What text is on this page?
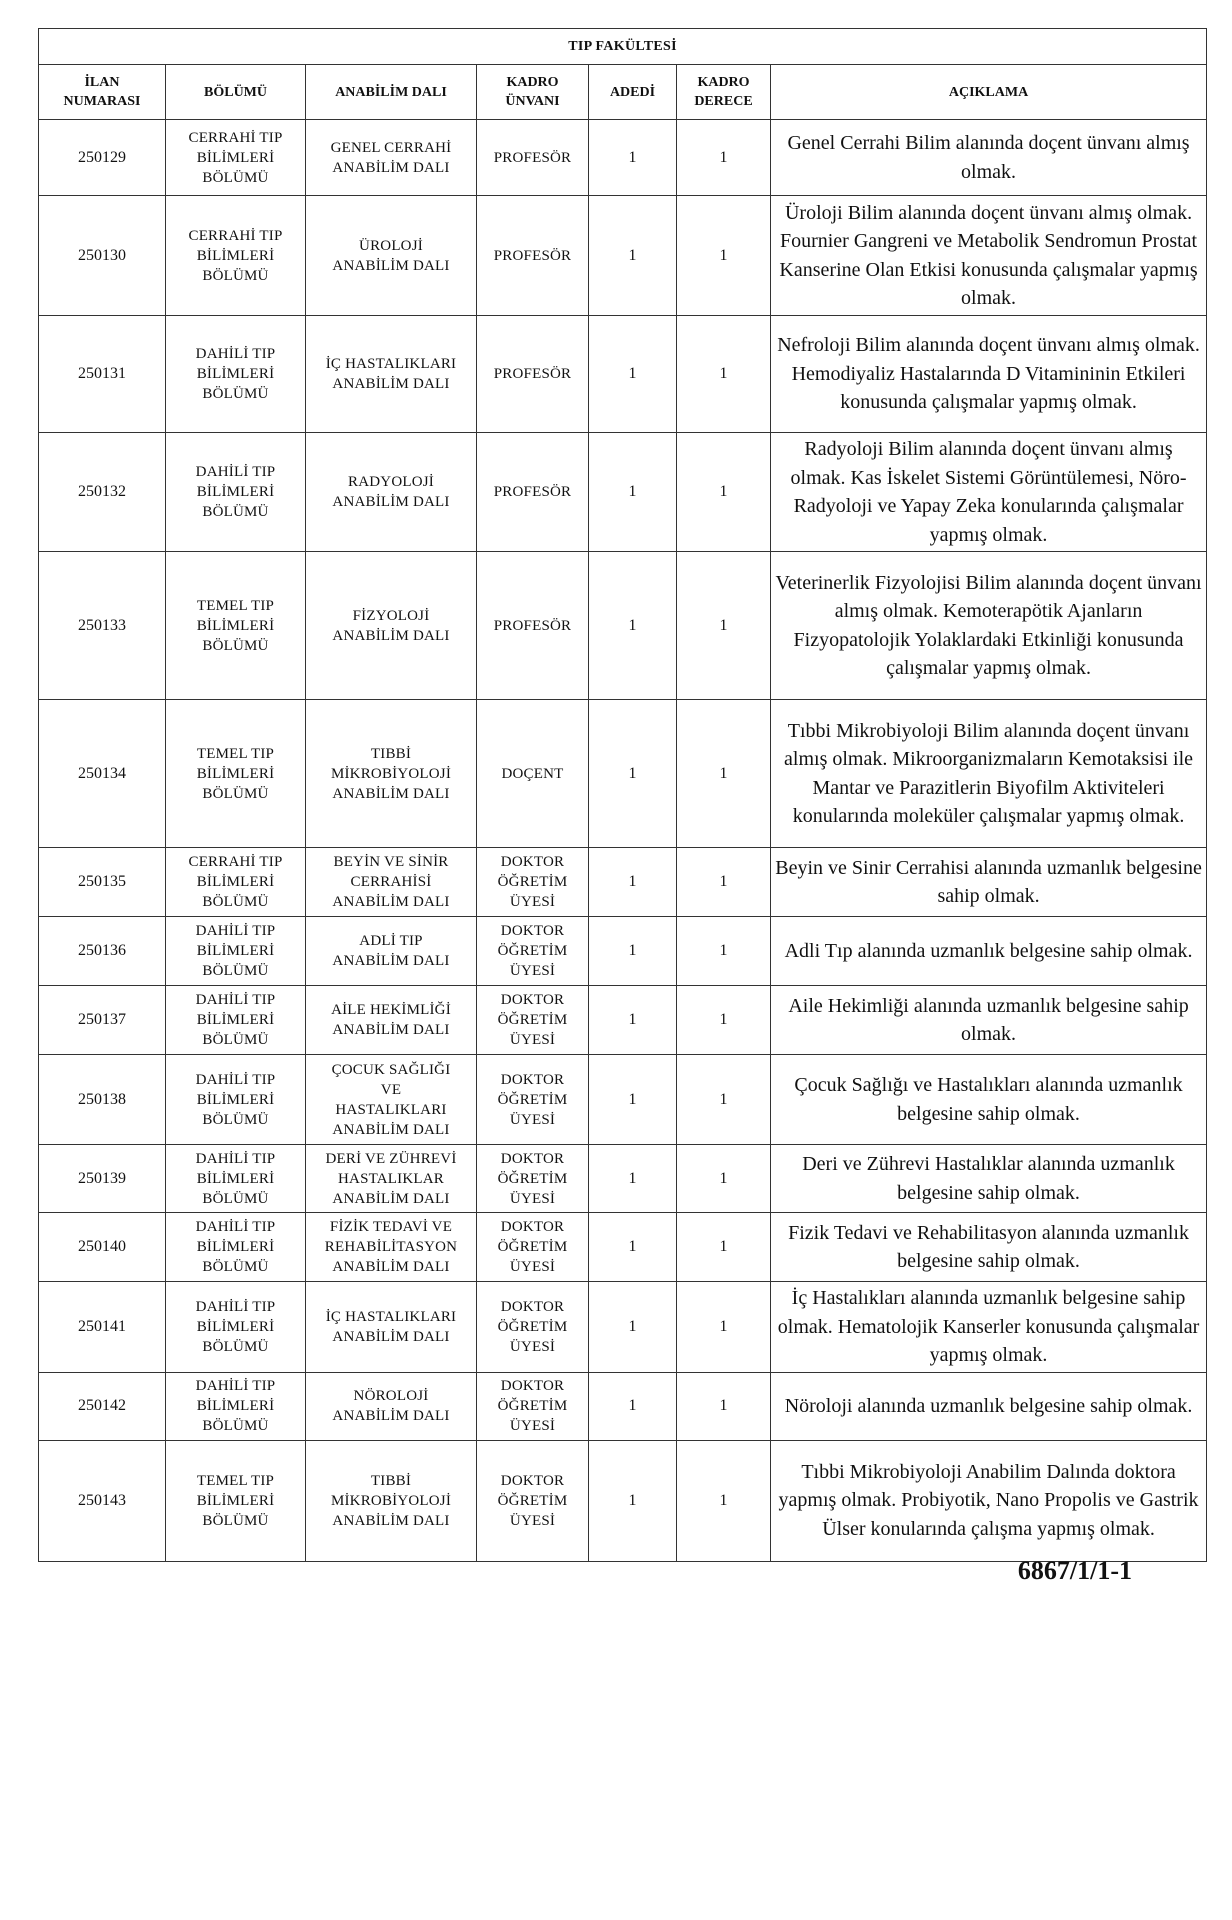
TIP FAKÜLTESİ						
İLAN
NUMARASI	BÖLÜMÜ	ANABİLİM DALI	KADRO
ÜNVANI	ADEDİ	KADRO
DERECE	AÇIKLAMA
250129	CERRAHİ TIP
BİLİMLERİ
BÖLÜMÜ	GENEL CERRAHİ
ANABİLİM DALI	PROFESÖR	1	1	Genel Cerrahi Bilim alanında doçent ünvanı almış olmak.
250130	CERRAHİ TIP
BİLİMLERİ
BÖLÜMÜ	ÜROLOJİ
ANABİLİM DALI	PROFESÖR	1	1	Üroloji Bilim alanında doçent ünvanı almış olmak. Fournier Gangreni ve Metabolik Sendromun Prostat Kanserine Olan Etkisi konusunda çalışmalar yapmış olmak.
250131	DAHİLİ TIP
BİLİMLERİ
BÖLÜMÜ	İÇ HASTALIKLARI
ANABİLİM DALI	PROFESÖR	1	1	Nefroloji Bilim alanında doçent ünvanı almış olmak. Hemodiyaliz Hastalarında D Vitamininin Etkileri konusunda çalışmalar yapmış olmak.
250132	DAHİLİ TIP
BİLİMLERİ
BÖLÜMÜ	RADYOLOJİ
ANABİLİM DALI	PROFESÖR	1	1	Radyoloji Bilim alanında doçent ünvanı almış olmak. Kas İskelet Sistemi Görüntülemesi, Nöro-Radyoloji ve Yapay Zeka konularında çalışmalar yapmış olmak.
250133	TEMEL TIP
BİLİMLERİ
BÖLÜMÜ	FİZYOLOJİ
ANABİLİM DALI	PROFESÖR	1	1	Veterinerlik Fizyolojisi Bilim alanında doçent ünvanı almış olmak. Kemoterapötik Ajanların Fizyopatolojik Yolaklardaki Etkinliği konusunda çalışmalar yapmış olmak.
250134	TEMEL TIP
BİLİMLERİ
BÖLÜMÜ	TIBBİ
MİKROBİYOLOJİ
ANABİLİM DALI	DOÇENT	1	1	Tıbbi Mikrobiyoloji Bilim alanında doçent ünvanı almış olmak. Mikroorganizmaların Kemotaksisi ile Mantar ve Parazitlerin Biyofilm Aktiviteleri konularında moleküler çalışmalar yapmış olmak.
250135	CERRAHİ TIP
BİLİMLERİ
BÖLÜMÜ	BEYİN VE SİNİR
CERRAHİSİ
ANABİLİM DALI	DOKTOR
ÖĞRETİM
ÜYESİ	1	1	Beyin ve Sinir Cerrahisi alanında uzmanlık belgesine sahip olmak.
250136	DAHİLİ TIP
BİLİMLERİ
BÖLÜMÜ	ADLİ TIP
ANABİLİM DALI	DOKTOR
ÖĞRETİM
ÜYESİ	1	1	Adli Tıp alanında uzmanlık belgesine sahip olmak.
250137	DAHİLİ TIP
BİLİMLERİ
BÖLÜMÜ	AİLE HEKİMLİĞİ
ANABİLİM DALI	DOKTOR
ÖĞRETİM
ÜYESİ	1	1	Aile Hekimliği alanında uzmanlık belgesine sahip olmak.
250138	DAHİLİ TIP
BİLİMLERİ
BÖLÜMÜ	ÇOCUK SAĞLIĞI
VE
HASTALIKLARI
ANABİLİM DALI	DOKTOR
ÖĞRETİM
ÜYESİ	1	1	Çocuk Sağlığı ve Hastalıkları alanında uzmanlık belgesine sahip olmak.
250139	DAHİLİ TIP
BİLİMLERİ
BÖLÜMÜ	DERİ VE ZÜHREVİ
HASTALIKLAR
ANABİLİM DALI	DOKTOR
ÖĞRETİM
ÜYESİ	1	1	Deri ve Zührevi Hastalıklar alanında uzmanlık belgesine sahip olmak.
250140	DAHİLİ TIP
BİLİMLERİ
BÖLÜMÜ	FİZİK TEDAVİ VE
REHABİLİTASYON
ANABİLİM DALI	DOKTOR
ÖĞRETİM
ÜYESİ	1	1	Fizik Tedavi ve Rehabilitasyon alanında uzmanlık belgesine sahip olmak.
250141	DAHİLİ TIP
BİLİMLERİ
BÖLÜMÜ	İÇ HASTALIKLARI
ANABİLİM DALI	DOKTOR
ÖĞRETİM
ÜYESİ	1	1	İç Hastalıkları alanında uzmanlık belgesine sahip olmak. Hematolojik Kanserler konusunda çalışmalar yapmış olmak.
250142	DAHİLİ TIP
BİLİMLERİ
BÖLÜMÜ	NÖROLOJİ
ANABİLİM DALI	DOKTOR
ÖĞRETİM
ÜYESİ	1	1	Nöroloji alanında uzmanlık belgesine sahip olmak.
250143	TEMEL TIP
BİLİMLERİ
BÖLÜMÜ	TIBBİ
MİKROBİYOLOJİ
ANABİLİM DALI	DOKTOR
ÖĞRETİM
ÜYESİ	1	1	Tıbbi Mikrobiyoloji Anabilim Dalında doktora yapmış olmak. Probiyotik, Nano Propolis ve Gastrik Ülser konularında çalışma yapmış olmak.
6867/1/1-1
